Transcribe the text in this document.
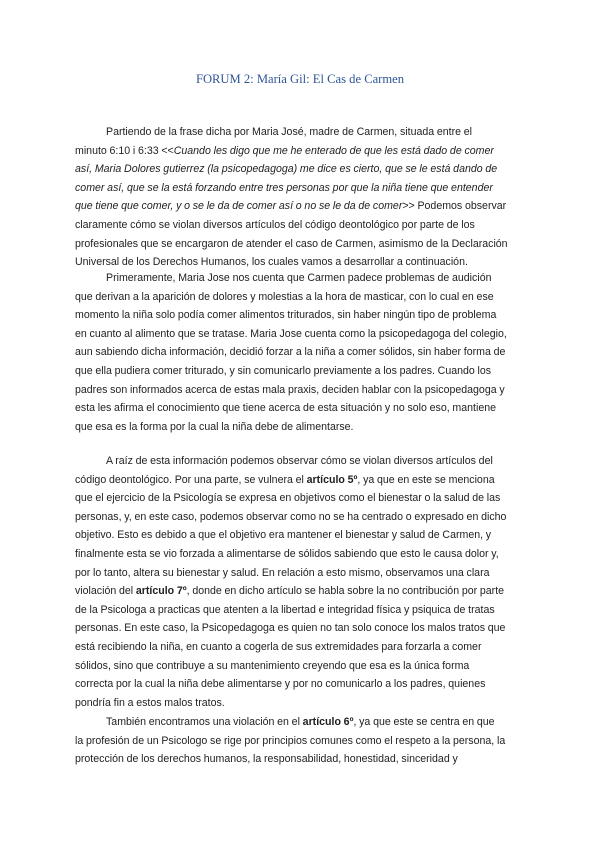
FORUM 2: María Gil: El Cas de Carmen
Partiendo de la frase dicha por Maria José, madre de Carmen, situada entre el
minuto 6:10 i 6:33 <<Cuando les digo que me he enterado de que les está dado de comer
así, Maria Dolores gutierrez (la psicopedagoga) me dice es cierto, que se le está dando de
comer así, que se la está forzando entre tres personas por que la niña tiene que entender
que tiene que comer, y o se le da de comer así o no se le da de comer>> Podemos observar
claramente cómo se violan diversos artículos del código deontológico por parte de los
profesionales que se encargaron de atender el caso de Carmen, asimismo de la Declaración
Universal de los Derechos Humanos, los cuales vamos a desarrollar a continuación.
Primeramente, Maria Jose nos cuenta que Carmen padece problemas de audición
que derivan a la aparición de dolores y molestias a la hora de masticar, con lo cual en ese
momento la niña solo podía comer alimentos triturados, sin haber ningún tipo de problema
en cuanto al alimento que se tratase. Maria Jose cuenta como la psicopedagoga del colegio,
aun sabiendo dicha información, decidió forzar a la niña a comer sólidos, sin haber forma de
que ella pudiera comer triturado, y sin comunicarlo previamente a los padres. Cuando los
padres son informados acerca de estas mala praxis, deciden hablar con la psicopedagoga y
esta les afirma el conocimiento que tiene acerca de esta situación y no solo eso, mantiene
que esa es la forma por la cual la niña debe de alimentarse.
A raíz de esta información podemos observar cómo se violan diversos artículos del
código deontológico. Por una parte, se vulnera el artículo 5º, ya que en este se menciona
que el ejercicio de la Psicología se expresa en objetivos como el bienestar o la salud de las
personas, y, en este caso, podemos observar como no se ha centrado o expresado en dicho
objetivo. Esto es debido a que el objetivo era mantener el bienestar y salud de Carmen, y
finalmente esta se vio forzada a alimentarse de sólidos sabiendo que esto le causa dolor y,
por lo tanto, altera su bienestar y salud. En relación a esto mismo, observamos una clara
violación del artículo 7º, donde en dicho artículo se habla sobre la no contribución por parte
de la Psicologa a practicas que atenten a la libertad e integridad física y psiquica de tratas
personas. En este caso, la Psicopedagoga es quien no tan solo conoce los malos tratos que
está recibiendo la niña, en cuanto a cogerla de sus extremidades para forzarla a comer
sólidos, sino que contribuye a su mantenimiento creyendo que esa es la única forma
correcta por la cual la niña debe alimentarse y por no comunicarlo a los padres, quienes
pondría fin a estos malos tratos.
También encontramos una violación en el artículo 6º, ya que este se centra en que
la profesión de un Psicologo se rige por principios comunes como el respeto a la persona, la
protección de los derechos humanos, la responsabilidad, honestidad, sinceridad y
